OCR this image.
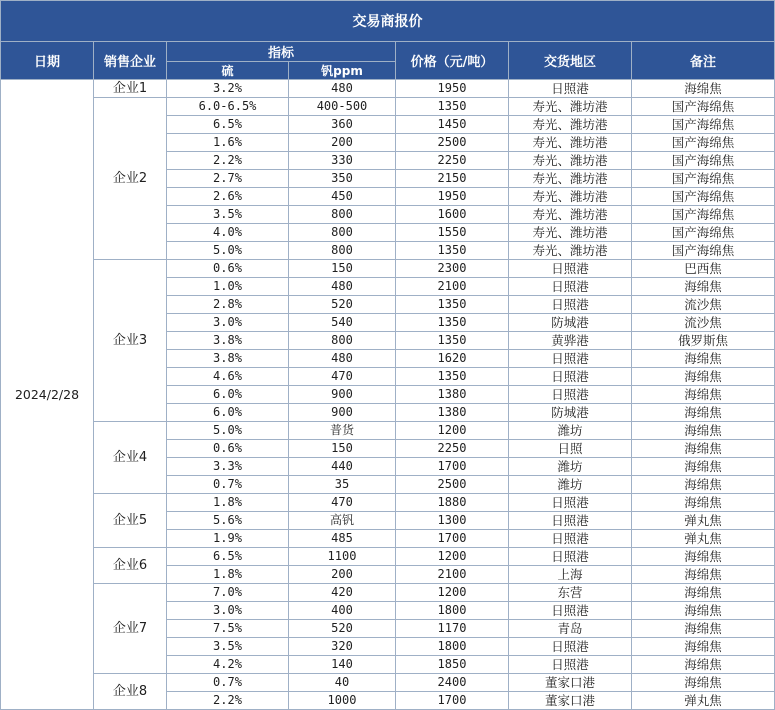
交易商报价						
日期	销售企业	指标		价格（元/吨）	交货地区	备注
		硫	钒ppm			
2024/2/28	企业1	3.2%	480	1950	日照港	海绵焦
	企业2	6.0-6.5%	400-500	1350	寿光、潍坊港	国产海绵焦
		6.5%	360	1450	寿光、潍坊港	国产海绵焦
		1.6%	200	2500	寿光、潍坊港	国产海绵焦
		2.2%	330	2250	寿光、潍坊港	国产海绵焦
		2.7%	350	2150	寿光、潍坊港	国产海绵焦
		2.6%	450	1950	寿光、潍坊港	国产海绵焦
		3.5%	800	1600	寿光、潍坊港	国产海绵焦
		4.0%	800	1550	寿光、潍坊港	国产海绵焦
		5.0%	800	1350	寿光、潍坊港	国产海绵焦
	企业3	0.6%	150	2300	日照港	巴西焦
		1.0%	480	2100	日照港	海绵焦
		2.8%	520	1350	日照港	流沙焦
		3.0%	540	1350	防城港	流沙焦
		3.8%	800	1350	黄骅港	俄罗斯焦
		3.8%	480	1620	日照港	海绵焦
		4.6%	470	1350	日照港	海绵焦
		6.0%	900	1380	日照港	海绵焦
		6.0%	900	1380	防城港	海绵焦
	企业4	5.0%	普货	1200	潍坊	海绵焦
		0.6%	150	2250	日照	海绵焦
		3.3%	440	1700	潍坊	海绵焦
		0.7%	35	2500	潍坊	海绵焦
	企业5	1.8%	470	1880	日照港	海绵焦
		5.6%	高钒	1300	日照港	弹丸焦
		1.9%	485	1700	日照港	弹丸焦
	企业6	6.5%	1100	1200	日照港	海绵焦
		1.8%	200	2100	上海	海绵焦
	企业7	7.0%	420	1200	东营	海绵焦
		3.0%	400	1800	日照港	海绵焦
		7.5%	520	1170	青岛	海绵焦
		3.5%	320	1800	日照港	海绵焦
		4.2%	140	1850	日照港	海绵焦
	企业8	0.7%	40	2400	董家口港	海绵焦
		2.2%	1000	1700	董家口港	弹丸焦
